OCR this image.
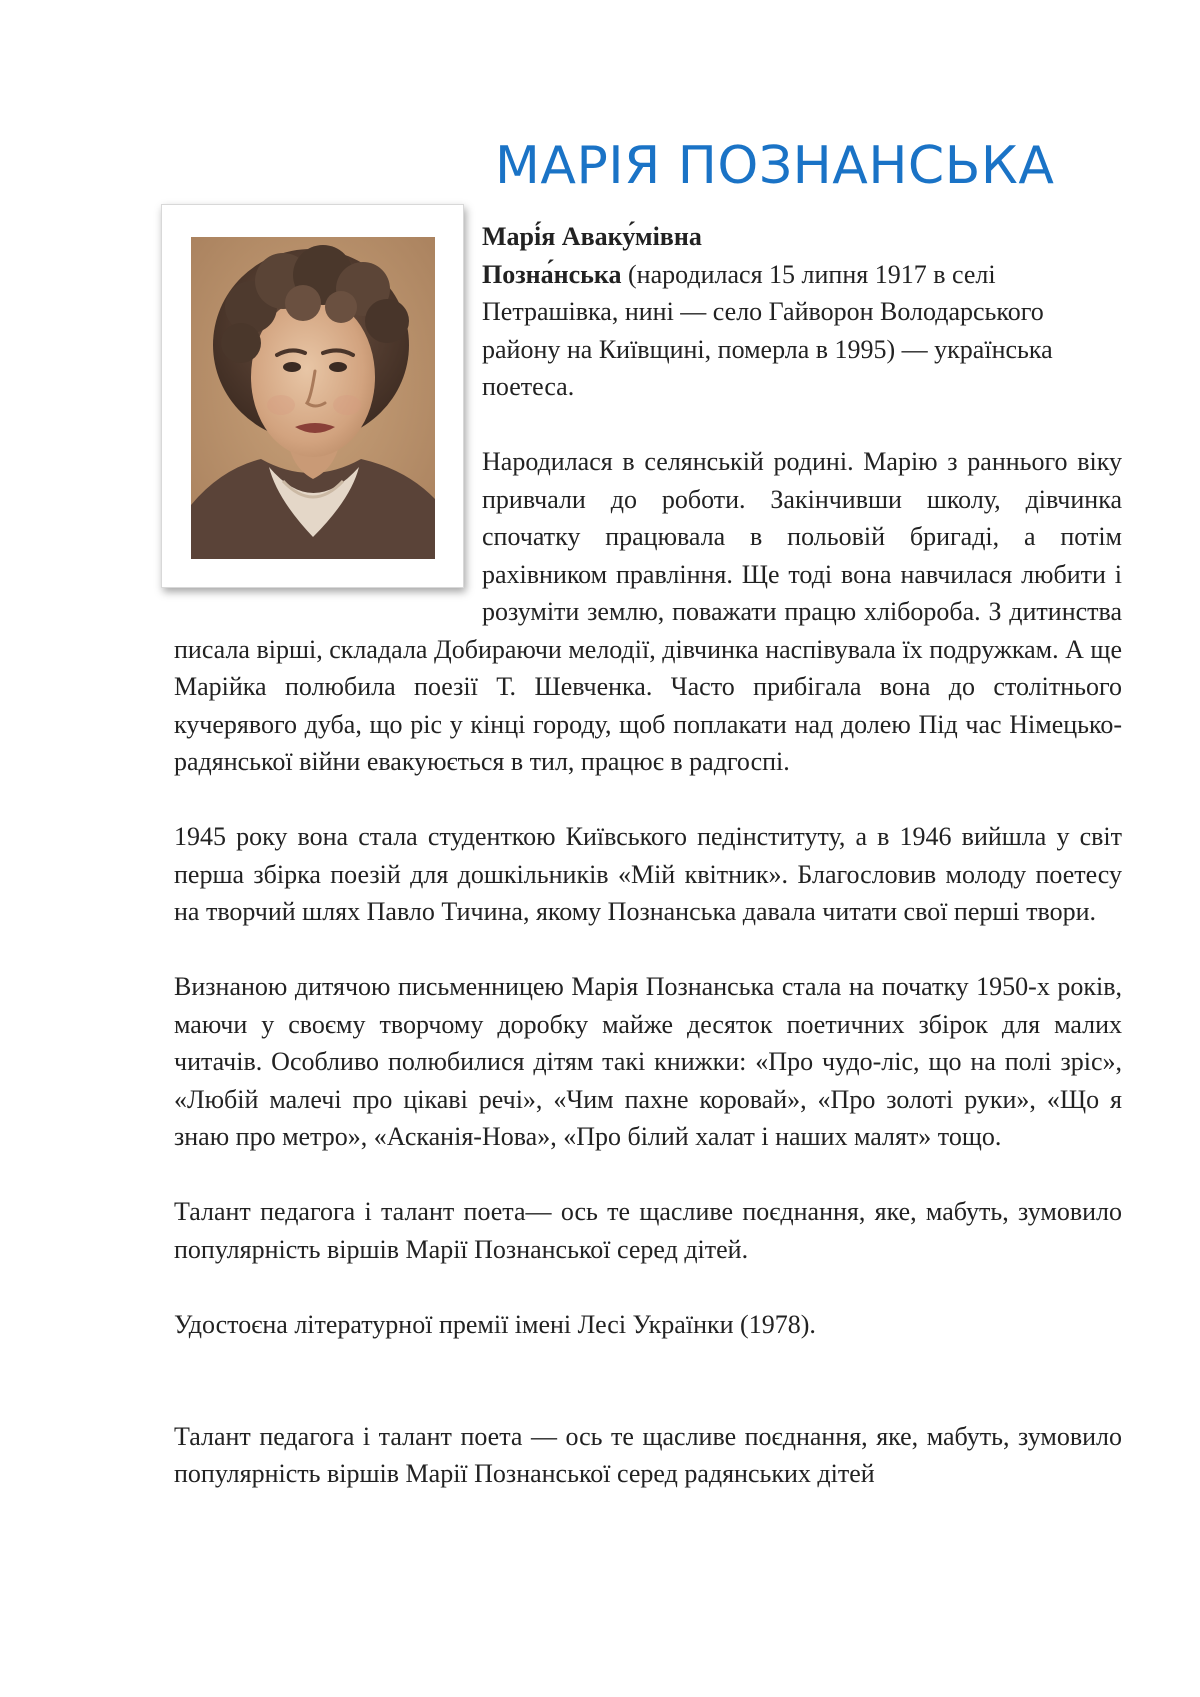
МАРІЯ ПОЗНАНСЬКА

Марі́я Аваку́мівна
Позна́нська (народилася 15 липня 1917 в селі Петрашівка, нині — село Гайворон Володарського району на Київщині, померла в 1995) — українська поетеса.

Народилася в селянській родині. Марію з раннього віку привчали до роботи. Закінчивши школу, дівчинка спочатку працювала в польовій бригаді, а потім рахівником правління. Ще тоді вона навчилася любити і розуміти землю, поважати працю хлібороба. З дитинства писала вірші, складала Добираючи мелодії, дівчинка наспівувала їх подружкам. А ще Марійка полюбила поезії Т. Шевченка. Часто прибігала вона до столітнього кучерявого дуба, що ріс у кінці городу, щоб поплакати над долею Під час Німецько-радянської війни евакуюється в тил, працює в радгоспі.

1945 року вона стала студенткою Київського педінституту, а в 1946 вийшла у світ перша збірка поезій для дошкільників «Мій квітник». Благословив молоду поетесу на творчий шлях Павло Тичина, якому Познанська давала читати свої перші твори.

Визнаною дитячою письменницею Марія Познанська стала на початку 1950-х років, маючи у своєму творчому доробку майже десяток поетичних збірок для малих читачів. Особливо полюбилися дітям такі книжки: «Про чудо-ліс, що на полі зріс», «Любій малечі про цікаві речі», «Чим пахне коровай», «Про золоті руки», «Що я знаю про метро», «Асканія-Нова», «Про білий халат і наших малят» тощо.

Талант педагога і талант поета— ось те щасливе поєднання, яке, мабуть, зумовило популярність віршів Марії Познанської серед дітей.

Удостоєна літературної премії імені Лесі Українки (1978).

Талант педагога і талант поета — ось те щасливе поєднання, яке, мабуть, зумовило популярність віршів Марії Познанської серед радянських дітей
